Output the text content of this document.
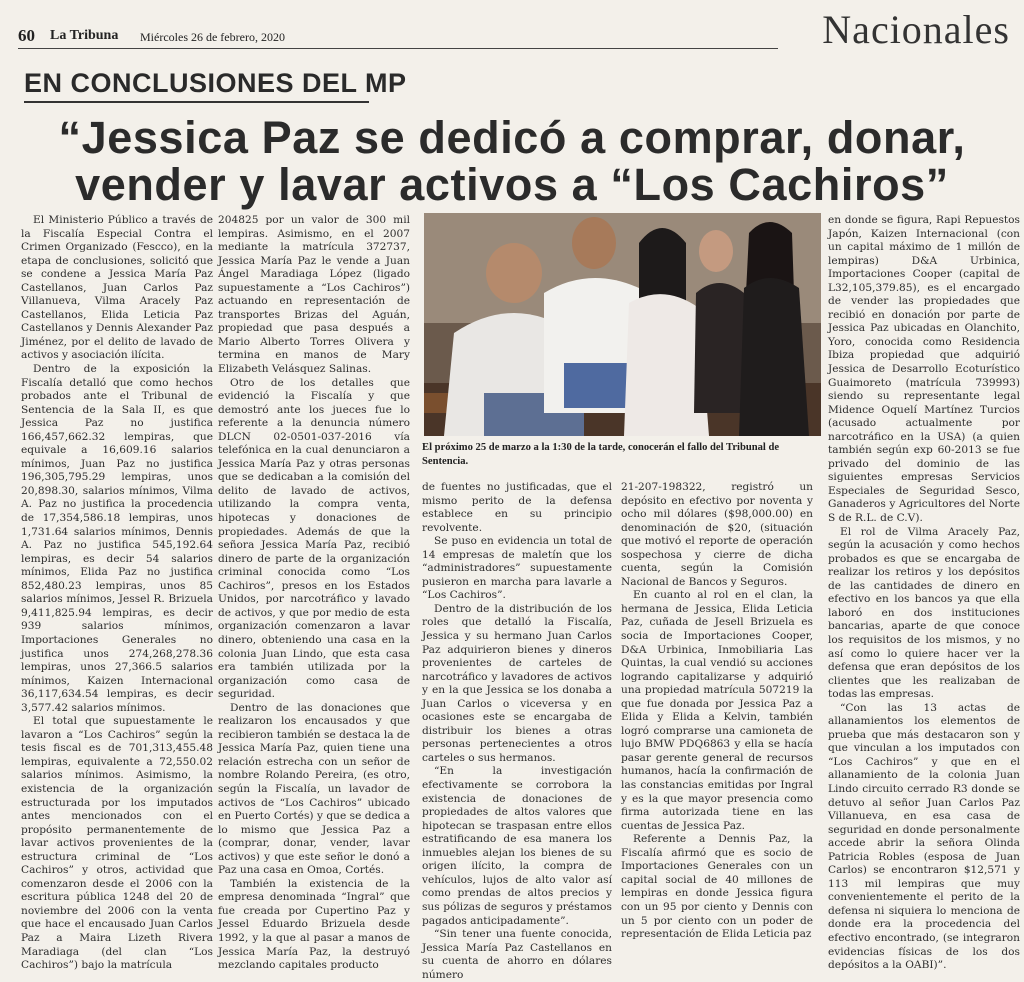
60 La Tribuna Miércoles 26 de febrero, 2020	Nacionales
EN CONCLUSIONES DEL MP
“Jessica Paz se dedicó a comprar, donar,
vender y lavar activos a “Los Cachiros”

El Ministerio Público a través de la Fiscalía Especial Contra el Crimen Organizado (Fescco), en la etapa de conclusiones, solicitó que se condene a Jessica María Paz Castellanos, Juan Carlos Paz Villanueva, Vilma Aracely Paz Castellanos, Elida Leticia Paz Castellanos y Dennis Alexander Paz Jiménez, por el delito de lavado de activos y asociación ilícita.

Dentro de la exposición la Fiscalía detalló que como hechos probados ante el Tribunal de Sentencia de la Sala II, es que Jessica Paz no justifica 166,457,662.32 lempiras, que equivale a 16,609.16 salarios mínimos, Juan Paz no justifica 196,305,795.29 lempiras, unos 20,898.30, salarios mínimos, Vilma A. Paz no justifica la procedencia de 17,354,586.18 lempiras, unos 1,731.64 salarios mínimos, Dennis A. Paz no justifica 545,192.64 lempiras, es decir 54 salarios mínimos, Elida Paz no justifica 852,480.23 lempiras, unos 85 salarios mínimos, Jessel R. Brizuela 9,411,825.94 lempiras, es decir 939 salarios mínimos, Importaciones Generales no justifica unos 274,268,278.36 lempiras, unos 27,366.5 salarios mínimos, Kaizen Internacional 36,117,634.54 lempiras, es decir 3,577.42 salarios mínimos.

El total que supuestamente le lavaron a “Los Cachiros” según la tesis fiscal es de 701,313,455.48 lempiras, equivalente a 72,550.02 salarios mínimos. Asimismo, la existencia de la organización estructurada por los imputados antes mencionados con el propósito permanentemente de lavar activos provenientes de la estructura criminal de “Los Cachiros” y otros, actividad que comenzaron desde el 2006 con la escritura pública 1248 del 20 de noviembre del 2006 con la venta que hace el encausado Juan Carlos Paz a Maira Lizeth Rivera Maradiaga (del clan “Los Cachiros”) bajo la matrícula

204825 por un valor de 300 mil lempiras. Asimismo, en el 2007 mediante la matrícula 372737, Jessica María Paz le vende a Juan Ángel Maradiaga López (ligado supuestamente a “Los Cachiros”) actuando en representación de transportes Brizas del Aguán, propiedad que pasa después a Mario Alberto Torres Olivera y termina en manos de Mary Elizabeth Velásquez Salinas.

Otro de los detalles que evidenció la Fiscalía y que demostró ante los jueces fue lo referente a la denuncia número DLCN 02-0501-037-2016 vía telefónica en la cual denunciaron a Jessica María Paz y otras personas que se dedicaban a la comisión del delito de lavado de activos, utilizando la compra venta, hipotecas y donaciones de propiedades. Además de que la señora Jessica María Paz, recibió dinero de parte de la organización criminal conocida como “Los Cachiros”, presos en los Estados Unidos, por narcotráfico y lavado de activos, y que por medio de esta organización comenzaron a lavar dinero, obteniendo una casa en la colonia Juan Lindo, que esta casa era también utilizada por la organización como casa de seguridad.

Dentro de las donaciones que realizaron los encausados y que recibieron también se destaca la de Jessica María Paz, quien tiene una relación estrecha con un señor de nombre Rolando Pereira, (es otro, según la Fiscalía, un lavador de activos de “Los Cachiros” ubicado en Puerto Cortés) y que se dedica a lo mismo que Jessica Paz a (comprar, donar, vender, lavar activos) y que este señor le donó a Paz una casa en Omoa, Cortés.

También la existencia de la empresa denominada “Ingral” que fue creada por Cupertino Paz y Jessel Eduardo Brizuela desde 1992, y la que al pasar a manos de Jessica María Paz, la destruyó mezclando capitales producto

El próximo 25 de marzo a la 1:30 de la tarde, conocerán el fallo del Tribunal de Sentencia.

de fuentes no justificadas, que el mismo perito de la defensa establece en su principio revolvente.

Se puso en evidencia un total de 14 empresas de maletín que los “administradores” supuestamente pusieron en marcha para lavarle a “Los Cachiros”.

Dentro de la distribución de los roles que detalló la Fiscalía, Jessica y su hermano Juan Carlos Paz adquirieron bienes y dineros provenientes de carteles de narcotráfico y lavadores de activos y en la que Jessica se los donaba a Juan Carlos o viceversa y en ocasiones este se encargaba de distribuir los bienes a otras personas pertenecientes a otros carteles o sus hermanos.

“En la investigación efectivamente se corrobora la existencia de donaciones de propiedades de altos valores que hipotecan se traspasan entre ellos estratificando de esa manera los inmuebles alejan los bienes de su origen ilícito, la compra de vehículos, lujos de alto valor así como prendas de altos precios y sus pólizas de seguros y préstamos pagados anticipadamente”.

“Sin tener una fuente conocida, Jessica María Paz Castellanos en su cuenta de ahorro en dólares número

21-207-198322, registró un depósito en efectivo por noventa y ocho mil dólares ($98,000.00) en denominación de $20, (situación que motivó el reporte de operación sospechosa y cierre de dicha cuenta, según la Comisión Nacional de Bancos y Seguros.

En cuanto al rol en el clan, la hermana de Jessica, Elida Leticia Paz, cuñada de Jesell Brizuela es socia de Importaciones Cooper, D&A Urbinica, Inmobiliaria Las Quintas, la cual vendió su acciones logrando capitalizarse y adquirió una propiedad matrícula 507219 la que fue donada por Jessica Paz a Elida y Elida a Kelvin, también logró comprarse una camioneta de lujo BMW PDQ6863 y ella se hacía pasar gerente general de recursos humanos, hacía la confirmación de las constancias emitidas por Ingral y es la que mayor presencia como firma autorizada tiene en las cuentas de Jessica Paz.

Referente a Dennis Paz, la Fiscalía afirmó que es socio de Importaciones Generales con un capital social de 40 millones de lempiras en donde Jessica figura con un 95 por ciento y Dennis con un 5 por ciento con un poder de representación de Elida Leticia paz

en donde se figura, Rapi Repuestos Japón, Kaizen Internacional (con un capital máximo de 1 millón de lempiras) D&A Urbinica, Importaciones Cooper (capital de L32,105,379.85), es el encargado de vender las propiedades que recibió en donación por parte de Jessica Paz ubicadas en Olanchito, Yoro, conocida como Residencia Ibiza propiedad que adquirió Jessica de Desarrollo Ecoturístico Guaimoreto (matrícula 739993) siendo su representante legal Midence Oquelí Martínez Turcios (acusado actualmente por narcotráfico en la USA) (a quien también según exp 60-2013 se fue privado del dominio de las siguientes empresas Servicios Especiales de Seguridad Sesco, Ganaderos y Agricultores del Norte S de R.L. de C.V).

El rol de Vilma Aracely Paz, según la acusación y como hechos probados es que se encargaba de realizar los retiros y los depósitos de las cantidades de dinero en efectivo en los bancos ya que ella laboró en dos instituciones bancarias, aparte de que conoce los requisitos de los mismos, y no así como lo quiere hacer ver la defensa que eran depósitos de los clientes que les realizaban de todas las empresas.

“Con las 13 actas de allanamientos los elementos de prueba que más destacaron son y que vinculan a los imputados con “Los Cachiros” y que en el allanamiento de la colonia Juan Lindo circuito cerrado R3 donde se detuvo al señor Juan Carlos Paz Villanueva, en esa casa de seguridad en donde personalmente accede abrir la señora Olinda Patricia Robles (esposa de Juan Carlos) se encontraron $12,571 y 113 mil lempiras que muy convenientemente el perito de la defensa ni siquiera lo menciona de donde era la procedencia del efectivo encontrado, (se integraron evidencias físicas de los dos depósitos a la OABI)”.
